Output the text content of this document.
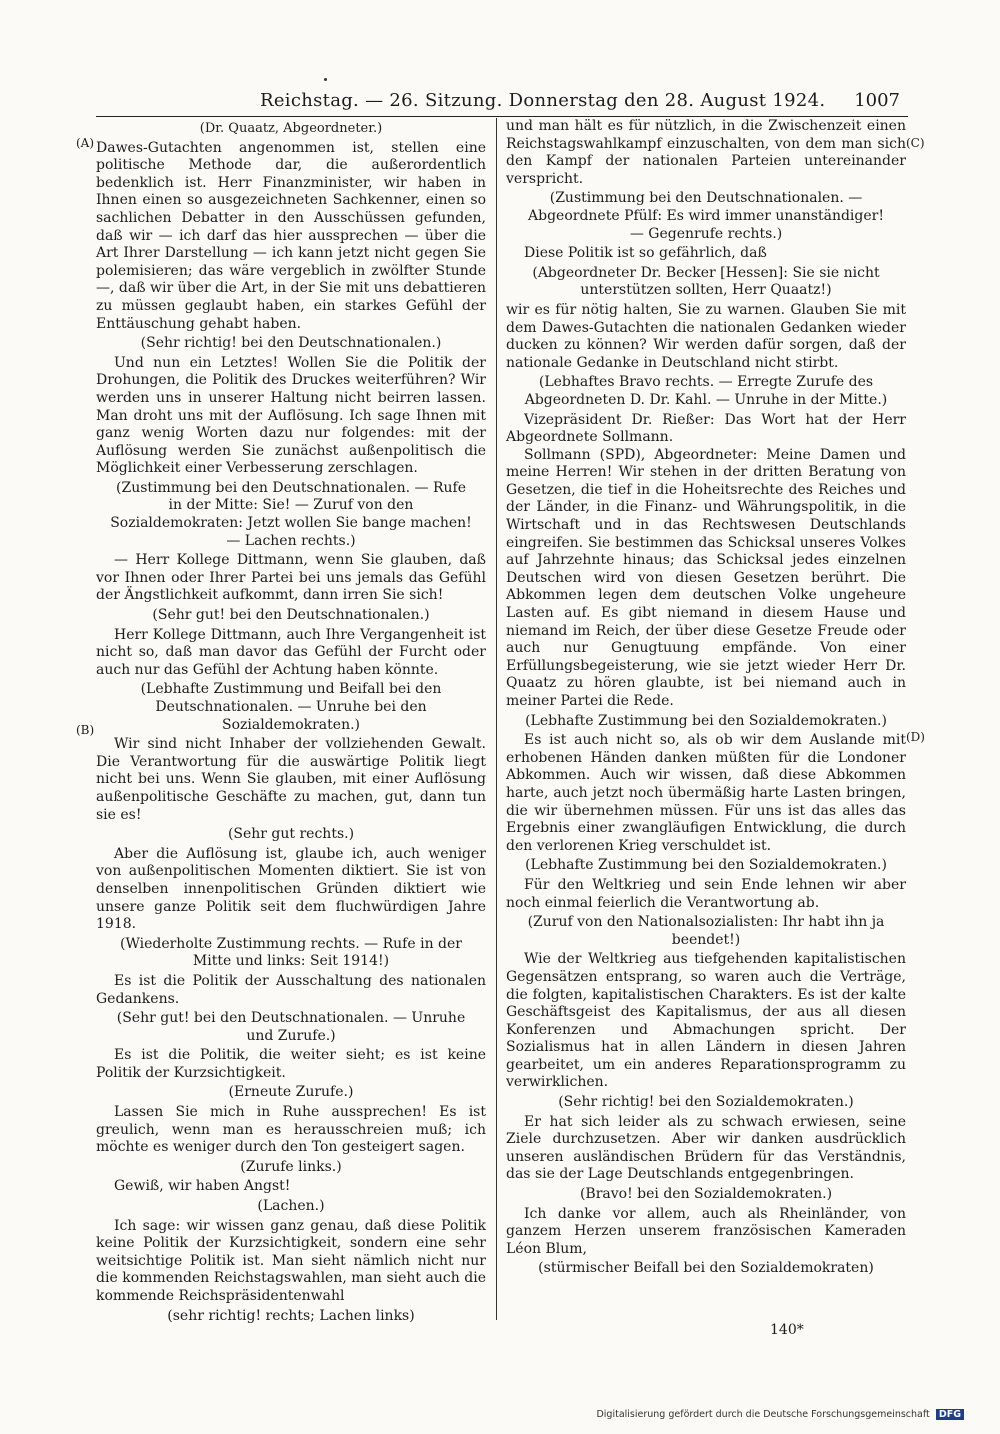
Reichstag. — 26. Sitzung. Donnerstag den 28. August 1924. 1007
(A)
(B)
(C)
(D)

(Dr. Quaatz, Abgeordneter.)

Dawes-Gutachten angenommen ist, stellen eine politische Methode dar, die außerordentlich bedenklich ist. Herr Finanzminister, wir haben in Ihnen einen so ausgezeichneten Sachkenner, einen so sachlichen Debatter in den Ausschüssen gefunden, daß wir — ich darf das hier aussprechen — über die Art Ihrer Darstellung — ich kann jetzt nicht gegen Sie polemisieren; das wäre vergeblich in zwölfter Stunde —, daß wir über die Art, in der Sie mit uns debattieren zu müssen geglaubt haben, ein starkes Gefühl der Enttäuschung gehabt haben.

(Sehr richtig! bei den Deutschnationalen.)

Und nun ein Letztes! Wollen Sie die Politik der Drohungen, die Politik des Druckes weiterführen? Wir werden uns in unserer Haltung nicht beirren lassen. Man droht uns mit der Auflösung. Ich sage Ihnen mit ganz wenig Worten dazu nur folgendes: mit der Auflösung werden Sie zunächst außenpolitisch die Möglichkeit einer Verbesserung zerschlagen.

(Zustimmung bei den Deutschnationalen. — Rufe in der Mitte: Sie! — Zuruf von den Sozialdemokraten: Jetzt wollen Sie bange machen! — Lachen rechts.)

— Herr Kollege Dittmann, wenn Sie glauben, daß vor Ihnen oder Ihrer Partei bei uns jemals das Gefühl der Ängstlichkeit aufkommt, dann irren Sie sich!

(Sehr gut! bei den Deutschnationalen.)

Herr Kollege Dittmann, auch Ihre Vergangenheit ist nicht so, daß man davor das Gefühl der Furcht oder auch nur das Gefühl der Achtung haben könnte.

(Lebhafte Zustimmung und Beifall bei den Deutschnationalen. — Unruhe bei den Sozialdemokraten.)

Wir sind nicht Inhaber der vollziehenden Gewalt. Die Verantwortung für die auswärtige Politik liegt nicht bei uns. Wenn Sie glauben, mit einer Auflösung außenpolitische Geschäfte zu machen, gut, dann tun sie es!

(Sehr gut rechts.)

Aber die Auflösung ist, glaube ich, auch weniger von außenpolitischen Momenten diktiert. Sie ist von denselben innenpolitischen Gründen diktiert wie unsere ganze Politik seit dem fluchwürdigen Jahre 1918.

(Wiederholte Zustimmung rechts. — Rufe in der Mitte und links: Seit 1914!)

Es ist die Politik der Ausschaltung des nationalen Gedankens.

(Sehr gut! bei den Deutschnationalen. — Unruhe und Zurufe.)

Es ist die Politik, die weiter sieht; es ist keine Politik der Kurzsichtigkeit.

(Erneute Zurufe.)

Lassen Sie mich in Ruhe aussprechen! Es ist greulich, wenn man es herausschreien muß; ich möchte es weniger durch den Ton gesteigert sagen.

(Zurufe links.)

Gewiß, wir haben Angst!

(Lachen.)

Ich sage: wir wissen ganz genau, daß diese Politik keine Politik der Kurzsichtigkeit, sondern eine sehr weitsichtige Politik ist. Man sieht nämlich nicht nur die kommenden Reichstagswahlen, man sieht auch die kommende Reichspräsidentenwahl

(sehr richtig! rechts; Lachen links)

und man hält es für nützlich, in die Zwischenzeit einen Reichstagswahlkampf einzuschalten, von dem man sich den Kampf der nationalen Parteien untereinander verspricht.

(Zustimmung bei den Deutschnationalen. — Abgeordnete Pfülf: Es wird immer unanständiger! — Gegenrufe rechts.)

Diese Politik ist so gefährlich, daß

(Abgeordneter Dr. Becker [Hessen]: Sie sie nicht unterstützen sollten, Herr Quaatz!)

wir es für nötig halten, Sie zu warnen. Glauben Sie mit dem Dawes-Gutachten die nationalen Gedanken wieder ducken zu können? Wir werden dafür sorgen, daß der nationale Gedanke in Deutschland nicht stirbt.

(Lebhaftes Bravo rechts. — Erregte Zurufe des Abgeordneten D. Dr. Kahl. — Unruhe in der Mitte.)

Vizepräsident Dr. Rießer: Das Wort hat der Herr Abgeordnete Sollmann.

Sollmann (SPD), Abgeordneter: Meine Damen und meine Herren! Wir stehen in der dritten Beratung von Gesetzen, die tief in die Hoheitsrechte des Reiches und der Länder, in die Finanz- und Währungspolitik, in die Wirtschaft und in das Rechtswesen Deutschlands eingreifen. Sie bestimmen das Schicksal unseres Volkes auf Jahrzehnte hinaus; das Schicksal jedes einzelnen Deutschen wird von diesen Gesetzen berührt. Die Abkommen legen dem deutschen Volke ungeheure Lasten auf. Es gibt niemand in diesem Hause und niemand im Reich, der über diese Gesetze Freude oder auch nur Genugtuung empfände. Von einer Erfüllungsbegeisterung, wie sie jetzt wieder Herr Dr. Quaatz zu hören glaubte, ist bei niemand auch in meiner Partei die Rede.

(Lebhafte Zustimmung bei den Sozialdemokraten.)

Es ist auch nicht so, als ob wir dem Auslande mit erhobenen Händen danken müßten für die Londoner Abkommen. Auch wir wissen, daß diese Abkommen harte, auch jetzt noch übermäßig harte Lasten bringen, die wir übernehmen müssen. Für uns ist das alles das Ergebnis einer zwangläufigen Entwicklung, die durch den verlorenen Krieg verschuldet ist.

(Lebhafte Zustimmung bei den Sozialdemokraten.)

Für den Weltkrieg und sein Ende lehnen wir aber noch einmal feierlich die Verantwortung ab.

(Zuruf von den Nationalsozialisten: Ihr habt ihn ja beendet!)

Wie der Weltkrieg aus tiefgehenden kapitalistischen Gegensätzen entsprang, so waren auch die Verträge, die folgten, kapitalistischen Charakters. Es ist der kalte Geschäftsgeist des Kapitalismus, der aus all diesen Konferenzen und Abmachungen spricht. Der Sozialismus hat in allen Ländern in diesen Jahren gearbeitet, um ein anderes Reparationsprogramm zu verwirklichen.

(Sehr richtig! bei den Sozialdemokraten.)

Er hat sich leider als zu schwach erwiesen, seine Ziele durchzusetzen. Aber wir danken ausdrücklich unseren ausländischen Brüdern für das Verständnis, das sie der Lage Deutschlands entgegenbringen.

(Bravo! bei den Sozialdemokraten.)

Ich danke vor allem, auch als Rheinländer, von ganzem Herzen unserem französischen Kameraden Léon Blum,

(stürmischer Beifall bei den Sozialdemokraten)

140*
Digitalisierung gefördert durch die Deutsche Forschungsgemeinschaft DFG
